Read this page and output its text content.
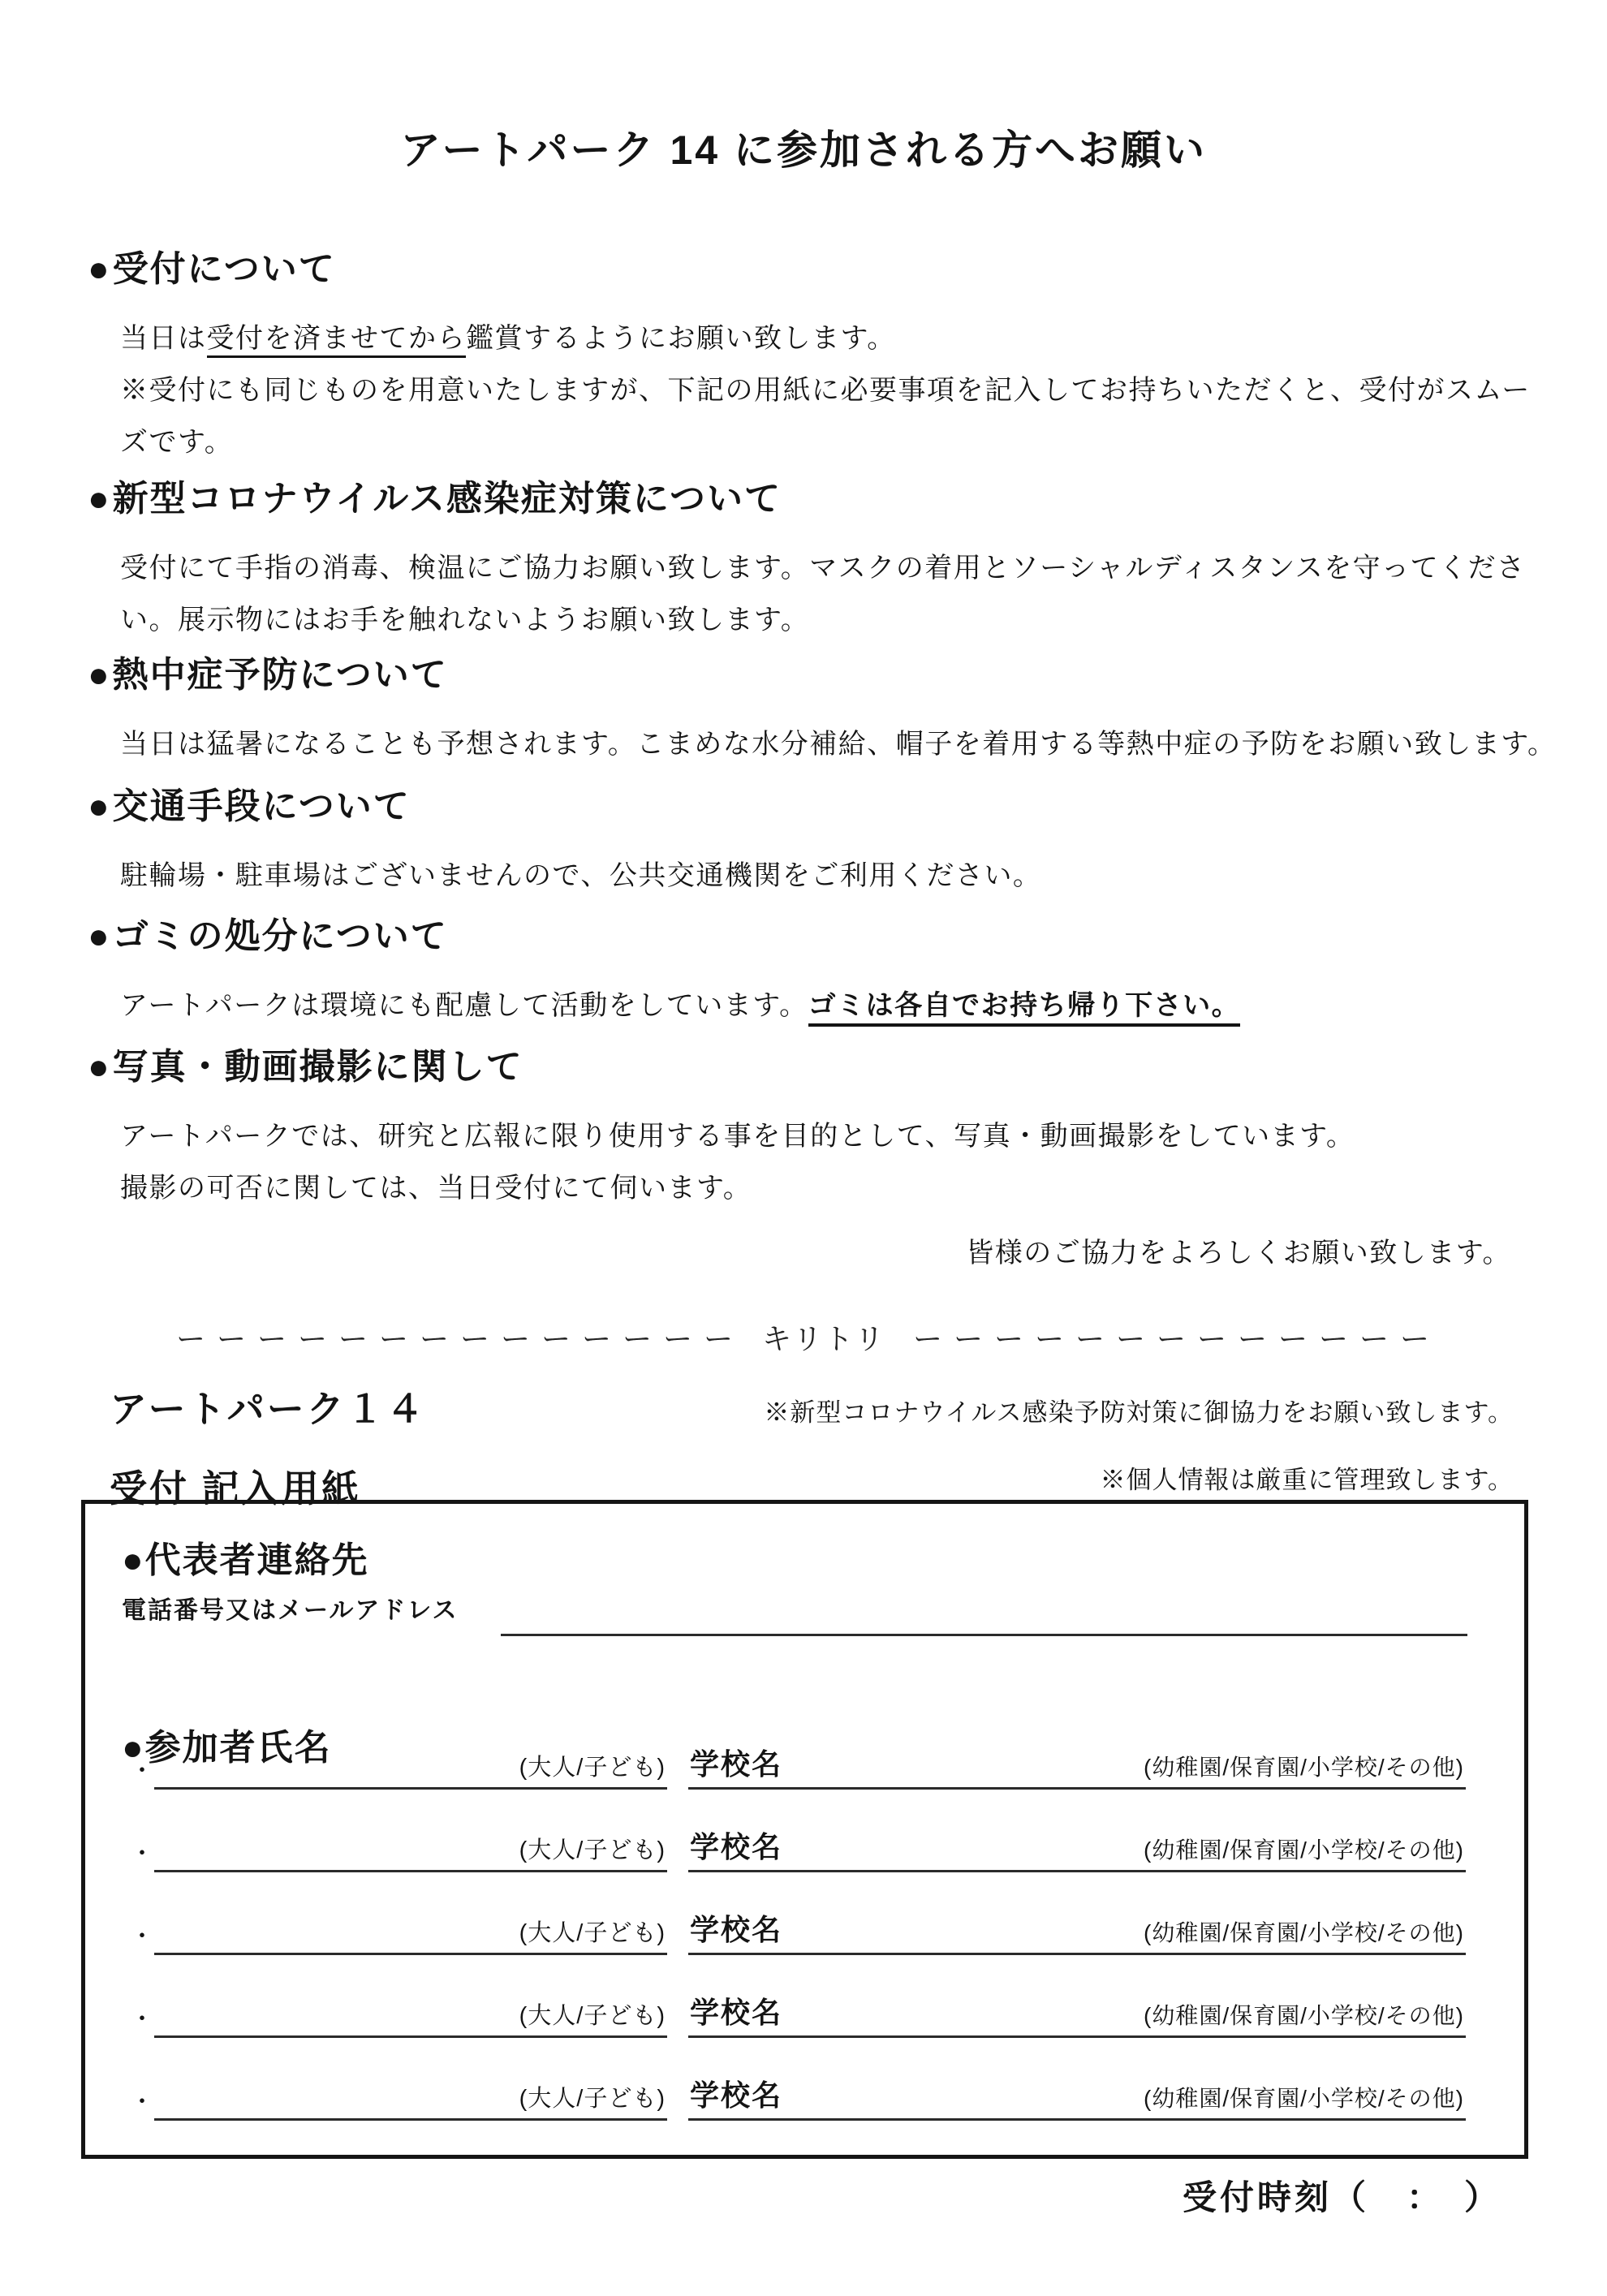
アートパーク 14 に参加される方へお願い
●受付について
当日は受付を済ませてから鑑賞するようにお願い致します。
※受付にも同じものを用意いたしますが、下記の用紙に必要事項を記入してお持ちいただくと、受付がスムー
ズです。
●新型コロナウイルス感染症対策について
受付にて手指の消毒、検温にご協力お願い致します。マスクの着用とソーシャルディスタンスを守ってくださ
い。展示物にはお手を触れないようお願い致します。
●熱中症予防について
当日は猛暑になることも予想されます。こまめな水分補給、帽子を着用する等熱中症の予防をお願い致します。
●交通手段について
駐輪場・駐車場はございませんので、公共交通機関をご利用ください。
●ゴミの処分について
アートパークは環境にも配慮して活動をしています。ゴミは各自でお持ち帰り下さい。
●写真・動画撮影に関して
アートパークでは、研究と広報に限り使用する事を目的として、写真・動画撮影をしています。
撮影の可否に関しては、当日受付にて伺います。
皆様のご協力をよろしくお願い致します。
ー ー ー ー ー ー ー ー ー ー ー ー ー ー キリトリ ー ー ー ー ー ー ー ー ー ー ー ー ー
アートパーク１４
受付 記入用紙
※新型コロナウイルス感染予防対策に御協力をお願い致します。
※個人情報は厳重に管理致します。
●代表者連絡先
電話番号又はメールアドレス
●参加者氏名
・	(大人/子ども) 学校名	(幼稚園/保育園/小学校/その他)
・	(大人/子ども) 学校名	(幼稚園/保育園/小学校/その他)
・	(大人/子ども) 学校名	(幼稚園/保育園/小学校/その他)
・	(大人/子ども) 学校名	(幼稚園/保育園/小学校/その他)
・	(大人/子ども) 学校名	(幼稚園/保育園/小学校/その他)
受付時刻（　：　）
